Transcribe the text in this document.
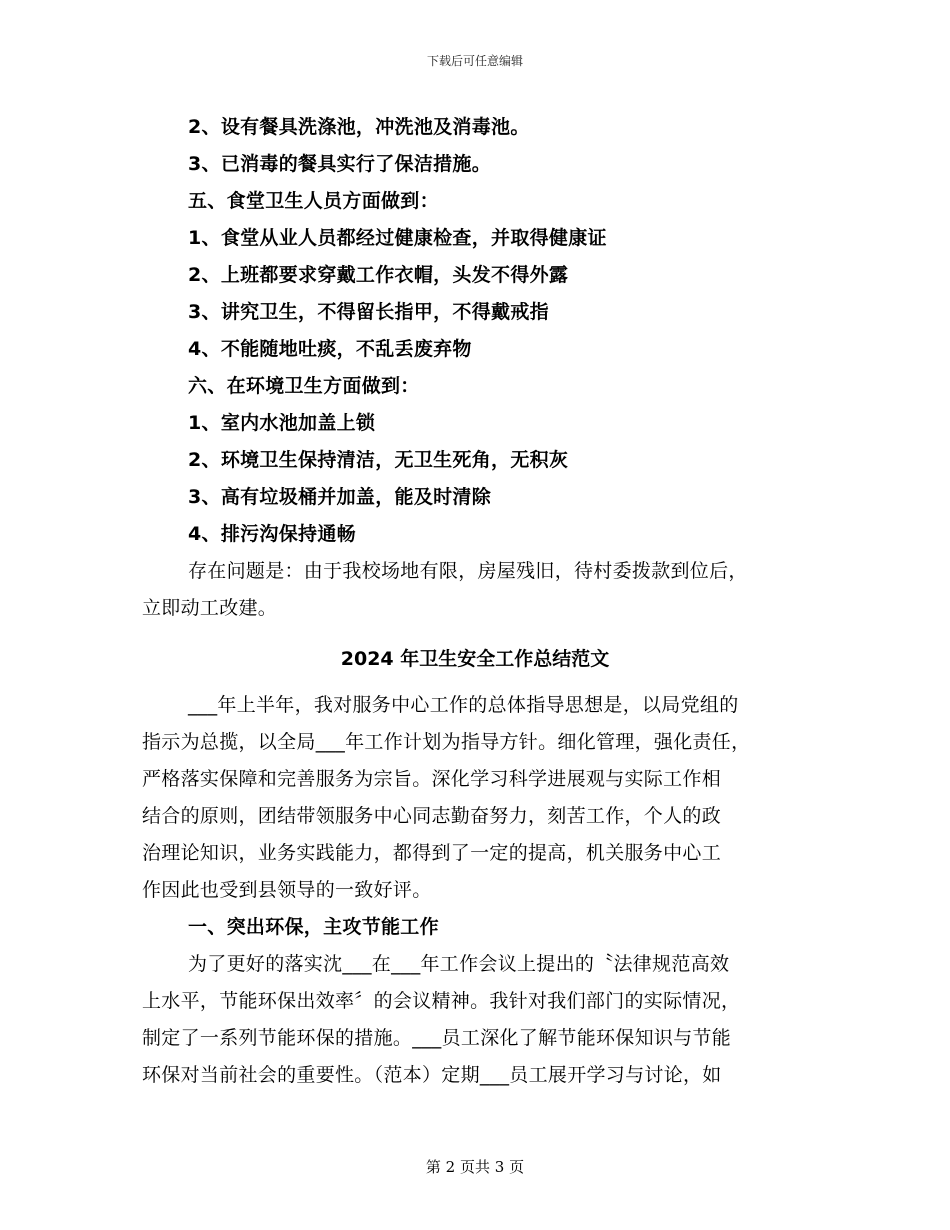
下载后可任意编辑
2、设有餐具洗涤池，冲洗池及消毒池。
3、已消毒的餐具实行了保洁措施。
五、食堂卫生人员方面做到：
1、食堂从业人员都经过健康检查，并取得健康证
2、上班都要求穿戴工作衣帽，头发不得外露
3、讲究卫生，不得留长指甲，不得戴戒指
4、不能随地吐痰，不乱丢废弃物
六、在环境卫生方面做到：
1、室内水池加盖上锁
2、环境卫生保持清洁，无卫生死角，无积灰
3、高有垃圾桶并加盖，能及时清除
4、排污沟保持通畅
存在问题是：由于我校场地有限，房屋残旧，待村委拨款到位后，
立即动工改建。
2024 年卫生安全工作总结范文
___年上半年，我对服务中心工作的总体指导思想是，以局党组的
指示为总揽，以全局___年工作计划为指导方针。细化管理，强化责任，
严格落实保障和完善服务为宗旨。深化学习科学进展观与实际工作相
结合的原则，团结带领服务中心同志勤奋努力，刻苦工作，个人的政
治理论知识，业务实践能力，都得到了一定的提高，机关服务中心工
作因此也受到县领导的一致好评。
一、突出环保，主攻节能工作
为了更好的落实沈___在___年工作会议上提出的〝法律规范高效
上水平，节能环保出效率〞的会议精神。我针对我们部门的实际情况，
制定了一系列节能环保的措施。___员工深化了解节能环保知识与节能
环保对当前社会的重要性。（范本）定期___员工展开学习与讨论，如
第 2 页共 3 页
